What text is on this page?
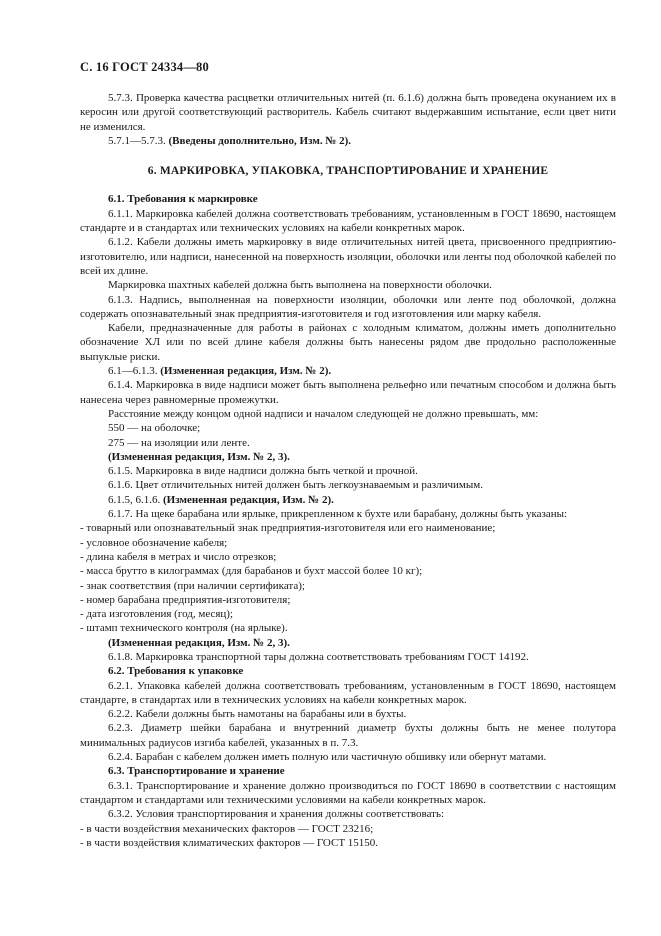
С. 16 ГОСТ 24334—80

5.7.3. Проверка качества расцветки отличительных нитей (п. 6.1.6) должна быть проведена окунанием их в керосин или другой соответствующий растворитель. Кабель считают выдержавшим испытание, если цвет нити не изменился.

5.7.1—5.7.3. (Введены дополнительно, Изм. № 2).

6. МАРКИРОВКА, УПАКОВКА, ТРАНСПОРТИРОВАНИЕ И ХРАНЕНИЕ

6.1. Требования к маркировке

6.1.1. Маркировка кабелей должна соответствовать требованиям, установленным в ГОСТ 18690, настоящем стандарте и в стандартах или технических условиях на кабели конкретных марок.

6.1.2. Кабели должны иметь маркировку в виде отличительных нитей цвета, присвоенного предприятию-изготовителю, или надписи, нанесенной на поверхность изоляции, оболочки или ленты под оболочкой кабелей по всей их длине.

Маркировка шахтных кабелей должна быть выполнена на поверхности оболочки.

6.1.3. Надпись, выполненная на поверхности изоляции, оболочки или ленте под оболочкой, должна содержать опознавательный знак предприятия-изготовителя и год изготовления или марку кабеля.

Кабели, предназначенные для работы в районах с холодным климатом, должны иметь дополнительно обозначение ХЛ или по всей длине кабеля должны быть нанесены рядом две продольно расположенные выпуклые риски.

6.1—6.1.3. (Измененная редакция, Изм. № 2).

6.1.4. Маркировка в виде надписи может быть выполнена рельефно или печатным способом и должна быть нанесена через равномерные промежутки.

Расстояние между концом одной надписи и началом следующей не должно превышать, мм:

550 — на оболочке;

275 — на изоляции или ленте.

(Измененная редакция, Изм. № 2, 3).

6.1.5. Маркировка в виде надписи должна быть четкой и прочной.

6.1.6. Цвет отличительных нитей должен быть легкоузнаваемым и различимым.

6.1.5, 6.1.6. (Измененная редакция, Изм. № 2).

6.1.7. На щеке барабана или ярлыке, прикрепленном к бухте или барабану, должны быть указаны:

- товарный или опознавательный знак предприятия-изготовителя или его наименование;

- условное обозначение кабеля;

- длина кабеля в метрах и число отрезков;

- масса брутто в килограммах (для барабанов и бухт массой более 10 кг);

- знак соответствия (при наличии сертификата);

- номер барабана предприятия-изготовителя;

- дата изготовления (год, месяц);

- штамп технического контроля (на ярлыке).

(Измененная редакция, Изм. № 2, 3).

6.1.8. Маркировка транспортной тары должна соответствовать требованиям ГОСТ 14192.

6.2. Требования к упаковке

6.2.1. Упаковка кабелей должна соответствовать требованиям, установленным в ГОСТ 18690, настоящем стандарте, в стандартах или в технических условиях на кабели конкретных марок.

6.2.2. Кабели должны быть намотаны на барабаны или в бухты.

6.2.3. Диаметр шейки барабана и внутренний диаметр бухты должны быть не менее полутора минимальных радиусов изгиба кабелей, указанных в п. 7.3.

6.2.4. Барабан с кабелем должен иметь полную или частичную обшивку или обернут матами.

6.3. Транспортирование и хранение

6.3.1. Транспортирование и хранение должно производиться по ГОСТ 18690 в соответствии с настоящим стандартом и стандартами или техническими условиями на кабели конкретных марок.

6.3.2. Условия транспортирования и хранения должны соответствовать:

- в части воздействия механических факторов — ГОСТ 23216;

- в части воздействия климатических факторов — ГОСТ 15150.
